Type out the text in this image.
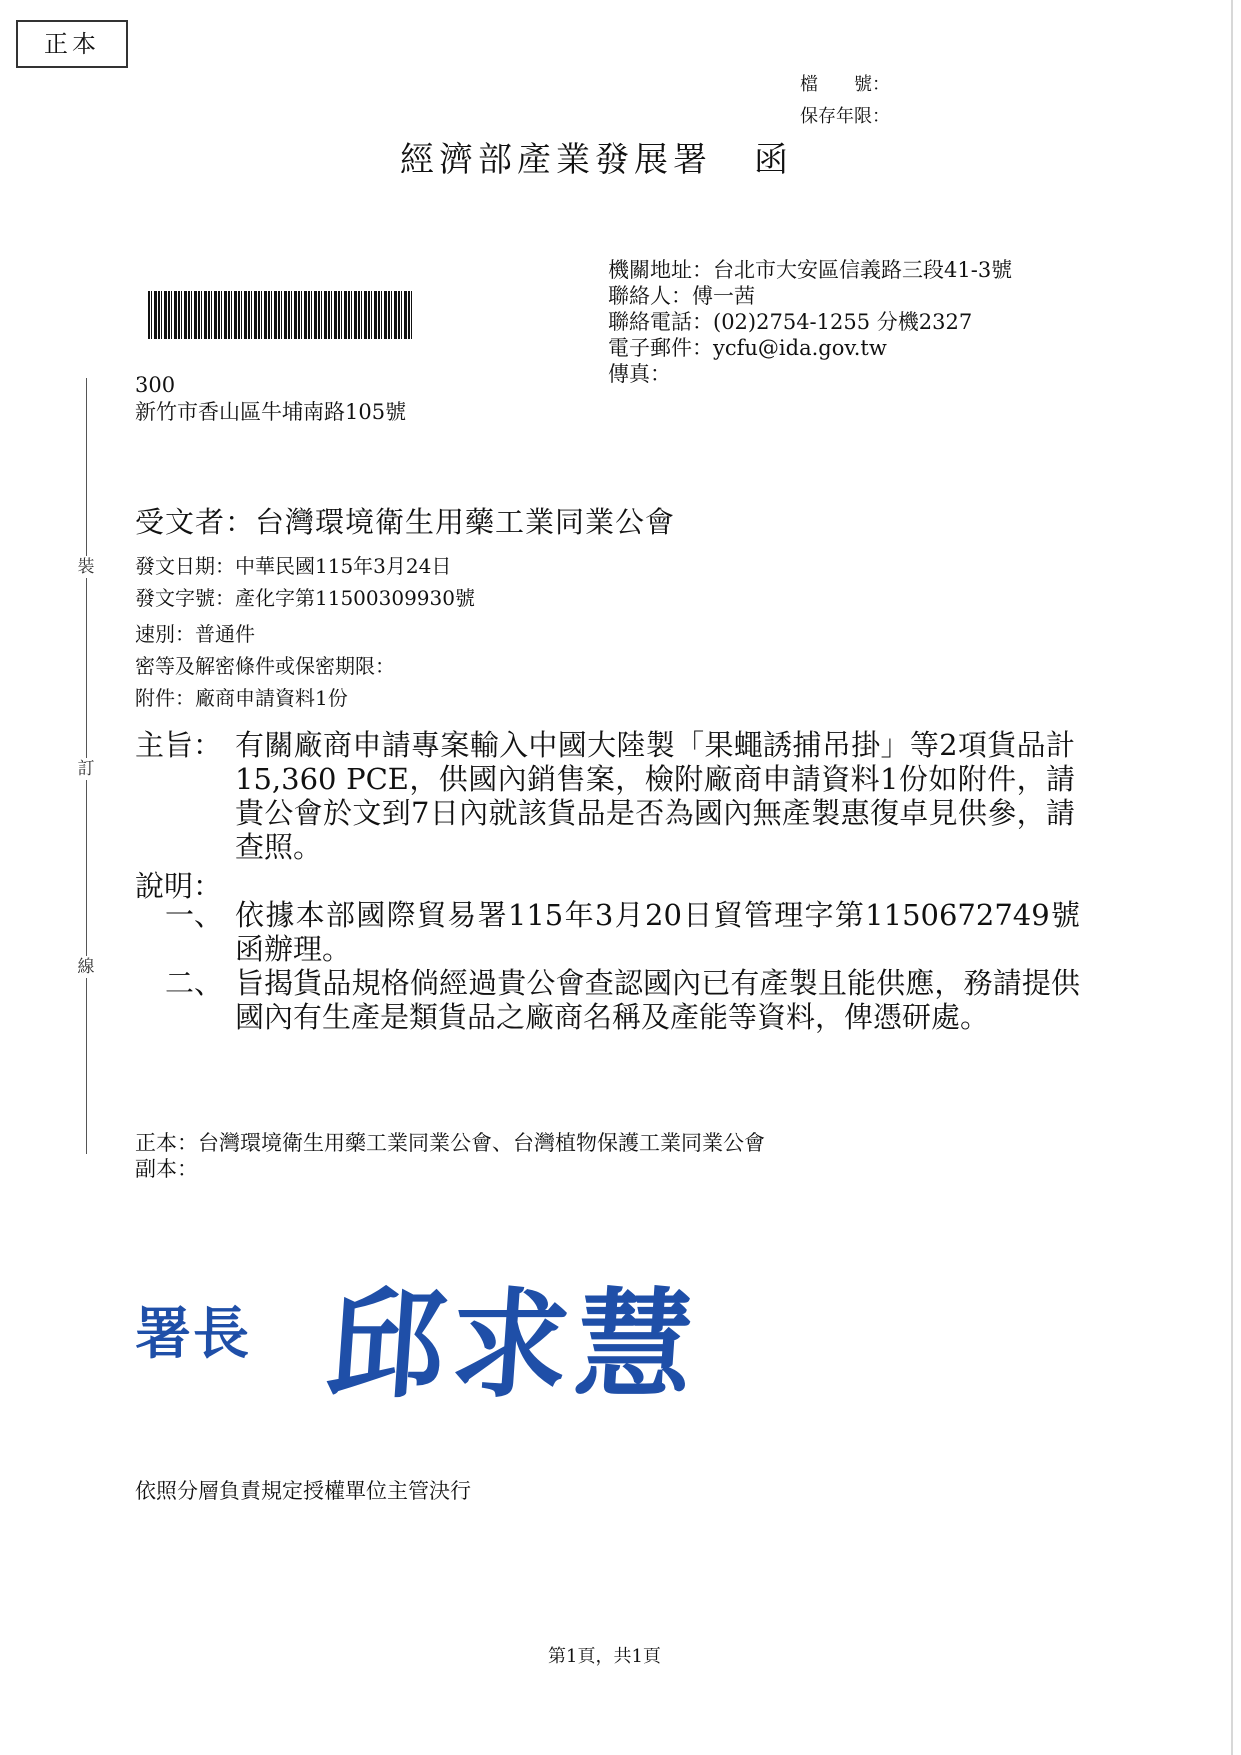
正本
檔　　號：
保存年限：
經濟部產業發展署 函
機關地址：台北市大安區信義路三段41-3號
聯絡人：傅一茜
聯絡電話：(02)2754-1255 分機2327
電子郵件：ycfu@ida.gov.tw
傳真：
300
新竹市香山區牛埔南路105號
裝
訂
線
受文者：台灣環境衛生用藥工業同業公會
發文日期：中華民國115年3月24日
發文字號：產化字第11500309930號
速別：普通件
密等及解密條件或保密期限：
附件：廠商申請資料1份
主旨： 有關廠商申請專案輸入中國大陸製「果蠅誘捕吊掛」等2項貨品計15,360 PCE，供國內銷售案，檢附廠商申請資料1份如附件，請貴公會於文到7日內就該貨品是否為國內無產製惠復卓見供參，請查照。
說明：
一、 依據本部國際貿易署115年3月20日貿管理字第1150672749號函辦理。
二、 旨揭貨品規格倘經過貴公會查認國內已有產製且能供應，務請提供國內有生產是類貨品之廠商名稱及產能等資料，俾憑研處。
正本：台灣環境衛生用藥工業同業公會、台灣植物保護工業同業公會
副本：
署長 邱求慧
依照分層負責規定授權單位主管決行
第1頁，共1頁
